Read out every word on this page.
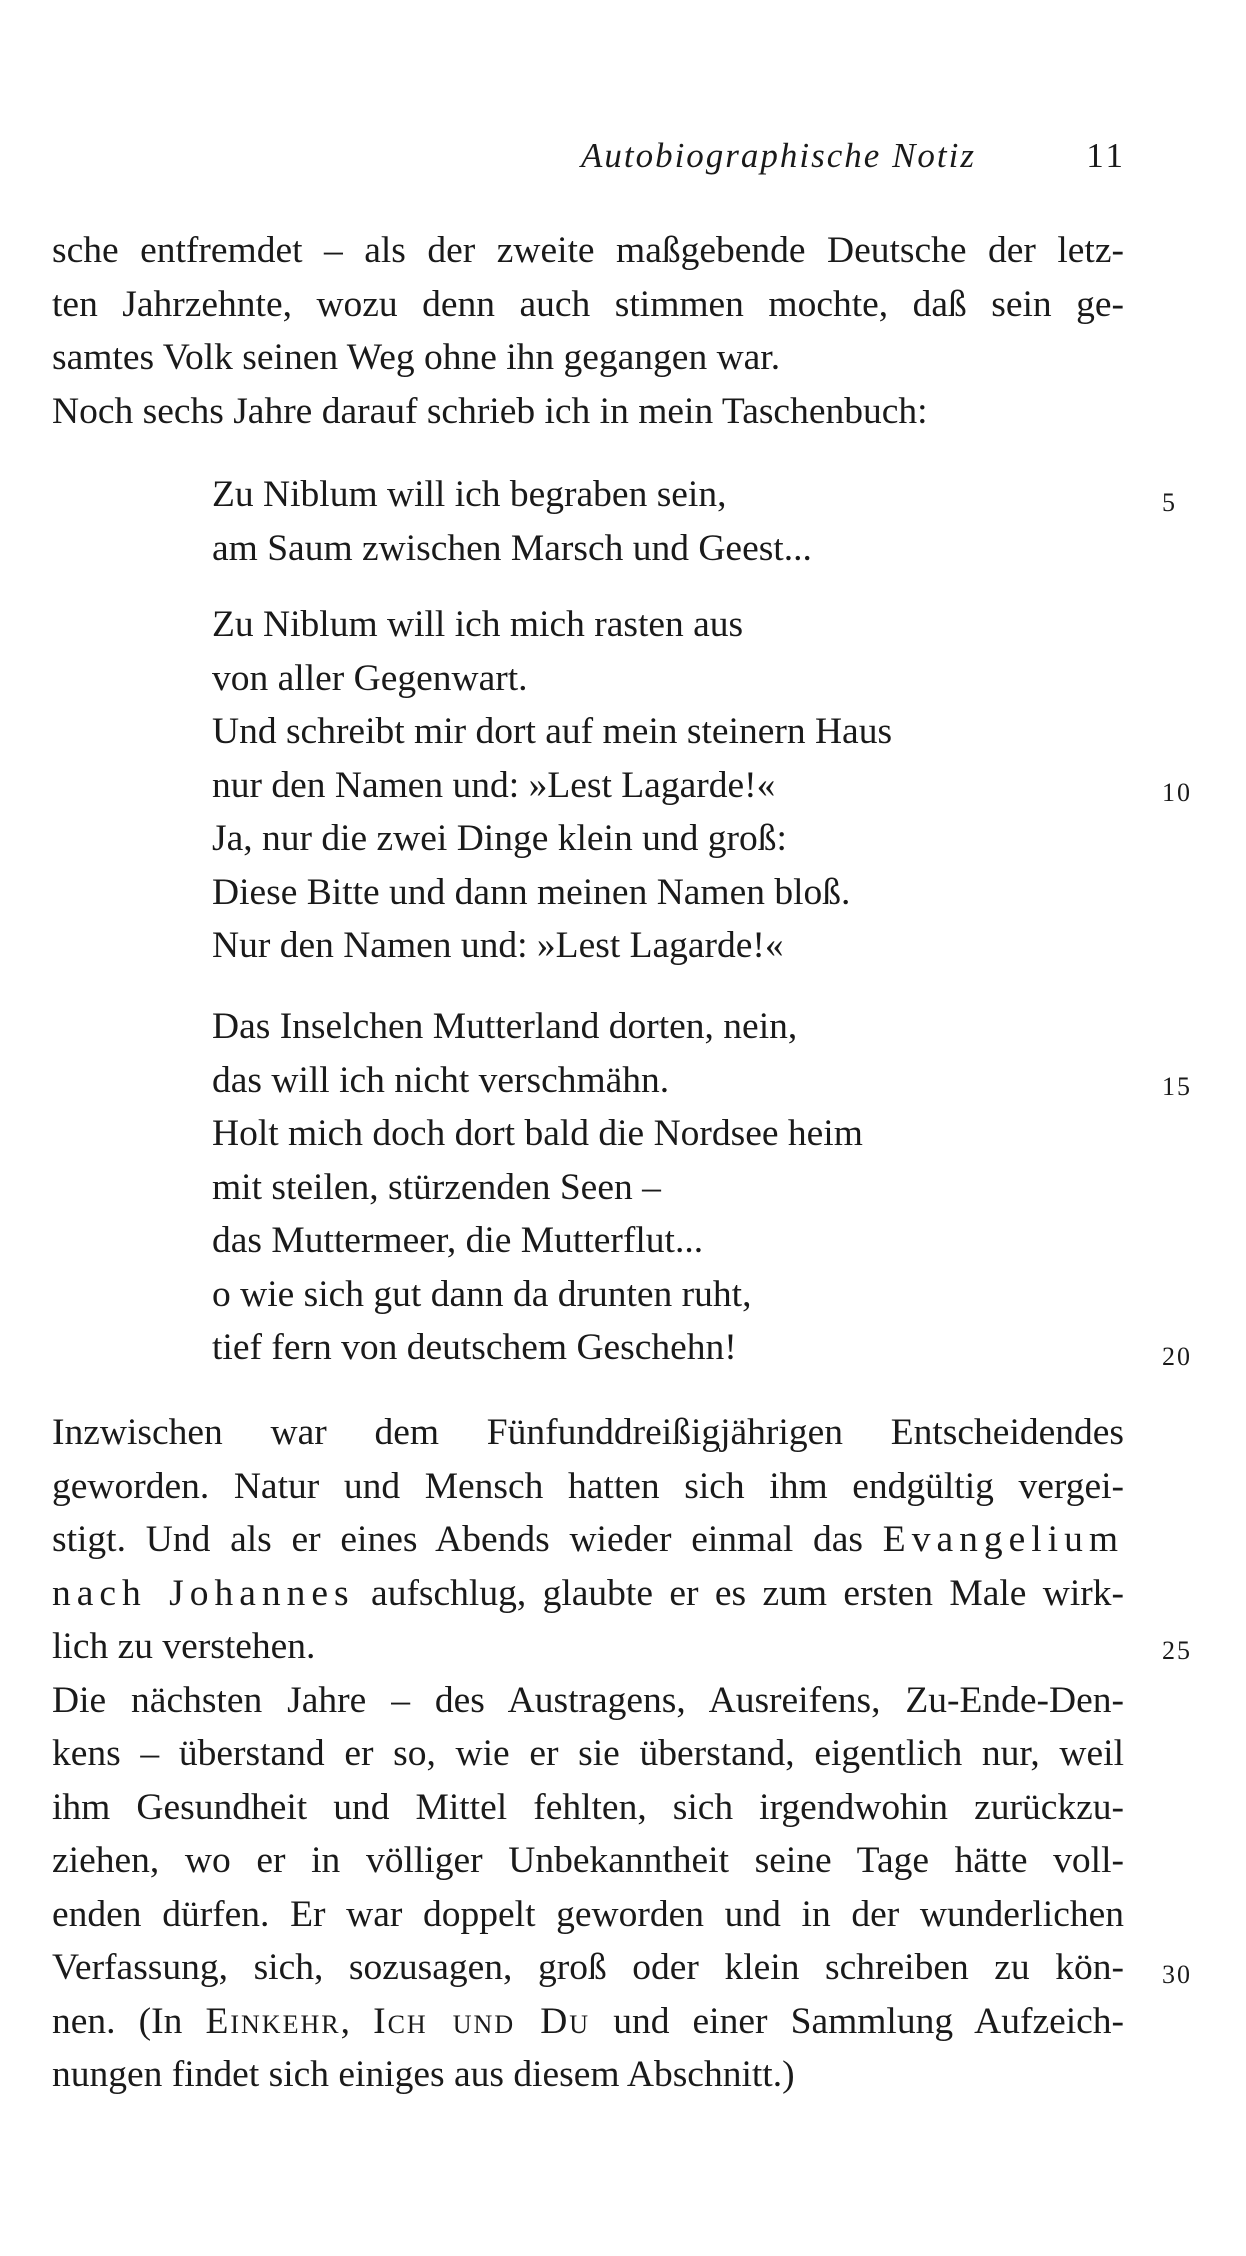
Autobiographische Notiz	11
sche entfremdet – als der zweite maßgebende Deutsche der letz-
ten Jahrzehnte, wozu denn auch stimmen mochte, daß sein ge-
samtes Volk seinen Weg ohne ihn gegangen war.
Noch sechs Jahre darauf schrieb ich in mein Taschenbuch:
Zu Niblum will ich begraben sein,
am Saum zwischen Marsch und Geest...
Zu Niblum will ich mich rasten aus
von aller Gegenwart.
Und schreibt mir dort auf mein steinern Haus
nur den Namen und: »Lest Lagarde!«
Ja, nur die zwei Dinge klein und groß:
Diese Bitte und dann meinen Namen bloß.
Nur den Namen und: »Lest Lagarde!«
Das Inselchen Mutterland dorten, nein,
das will ich nicht verschmähn.
Holt mich doch dort bald die Nordsee heim
mit steilen, stürzenden Seen –
das Muttermeer, die Mutterflut...
o wie sich gut dann da drunten ruht,
tief fern von deutschem Geschehn!
5
10
15
20
25
30
Inzwischen war dem Fünfunddreißigjährigen Entscheidendes
geworden. Natur und Mensch hatten sich ihm endgültig vergei-
stigt. Und als er eines Abends wieder einmal das Evangelium
nach Johannes aufschlug, glaubte er es zum ersten Male wirk-
lich zu verstehen.
Die nächsten Jahre – des Austragens, Ausreifens, Zu-Ende-Den-
kens – überstand er so, wie er sie überstand, eigentlich nur, weil
ihm Gesundheit und Mittel fehlten, sich irgendwohin zurückzu-
ziehen, wo er in völliger Unbekanntheit seine Tage hätte voll-
enden dürfen. Er war doppelt geworden und in der wunderlichen
Verfassung, sich, sozusagen, groß oder klein schreiben zu kön-
nen. (In Einkehr, Ich und Du und einer Sammlung Aufzeich-
nungen findet sich einiges aus diesem Abschnitt.)
